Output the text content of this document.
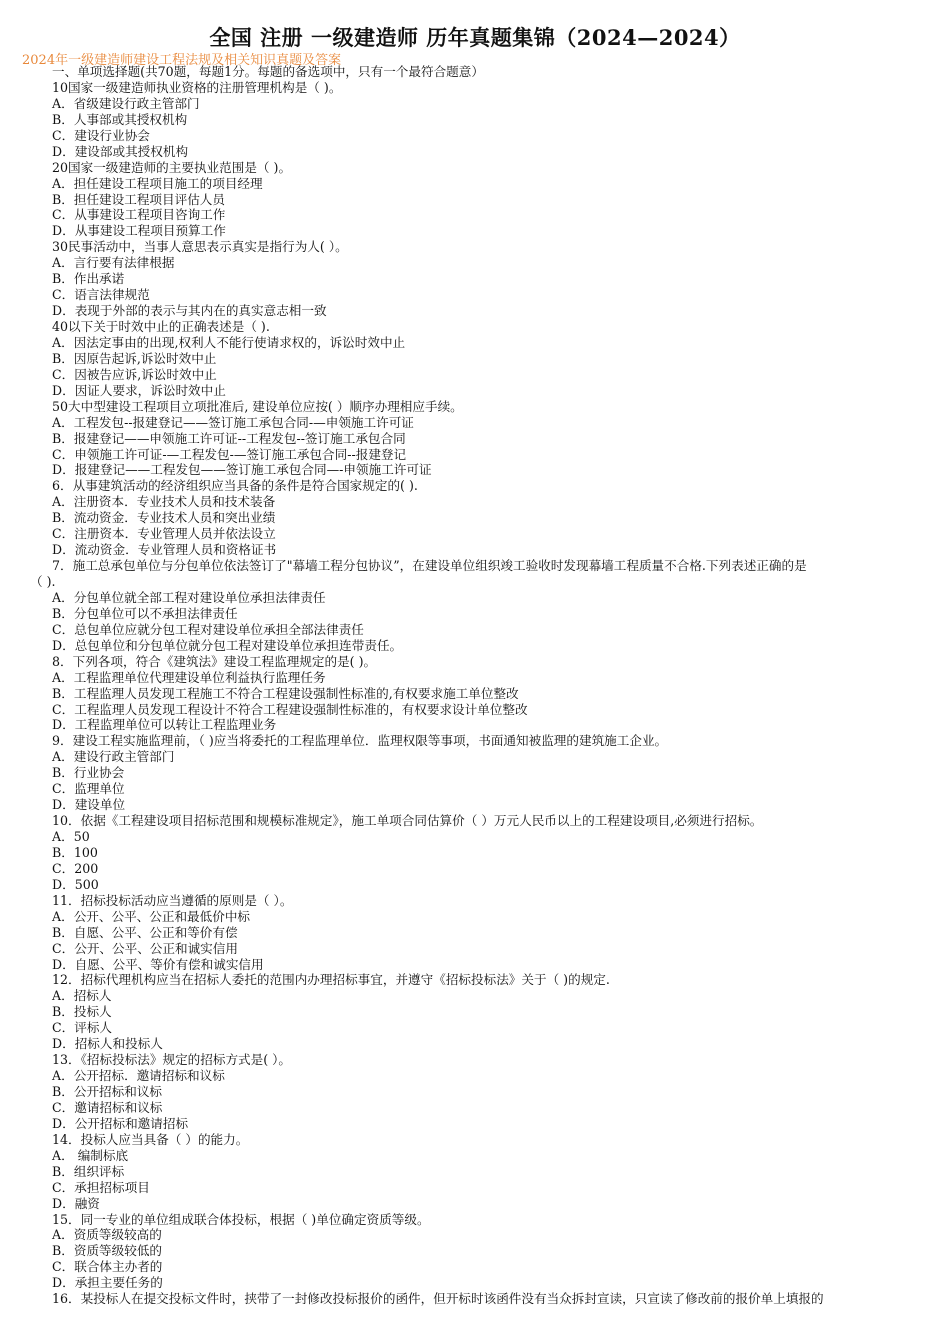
全国 注册 一级建造师 历年真题集锦（2024—2024）
2024年一级建造师建设工程法规及相关知识真题及答案
一、单项选择题(共70题，每题1分。每题的备选项中，只有一个最符合题意）
10国家一级建造师执业资格的注册管理机构是（ )。
A．省级建设行政主管部门
B．人事部或其授权机构
C．建设行业协会
D．建设部或其授权机构
20国家一级建造师的主要执业范围是（ )。
A．担任建设工程项目施工的项目经理
B．担任建设工程项目评估人员
C．从事建设工程项目咨询工作
D．从事建设工程项目预算工作
30民事活动中，当事人意思表示真实是指行为人( ）。
A．言行要有法律根据
B．作出承诺
C．语言法律规范
D．表现于外部的表示与其内在的真实意志相一致
40以下关于时效中止的正确表述是（ ).
A．因法定事由的出现,权利人不能行使请求权的，诉讼时效中止
B．因原告起诉,诉讼时效中止
C．因被告应诉,诉讼时效中止
D．因证人要求，诉讼时效中止
50大中型建设工程项目立项批准后, 建设单位应按( ）顺序办理相应手续。
A．工程发包--报建登记——签订施工承包合同-—申领施工许可证
B．报建登记——申领施工许可证--工程发包--签订施工承包合同
C．申领施工许可证-—工程发包-—签订施工承包合同--报建登记
D．报建登记——工程发包——签订施工承包合同—-申领施工许可证
6．从事建筑活动的经济组织应当具备的条件是符合国家规定的( ).
A．注册资本．专业技术人员和技术装备
B．流动资金．专业技术人员和突出业绩
C．注册资本．专业管理人员并依法设立
D．流动资金．专业管理人员和资格证书
7．施工总承包单位与分包单位依法签订了"幕墙工程分包协议”，在建设单位组织竣工验收时发现幕墙工程质量不合格.下列表述正确的是
（ ).
A．分包单位就全部工程对建设单位承担法律责任
B．分包单位可以不承担法律责任
C．总包单位应就分包工程对建设单位承担全部法律责任
D．总包单位和分包单位就分包工程对建设单位承担连带责任。
8．下列各项，符合《建筑法》建设工程监理规定的是( )。
A．工程监理单位代理建设单位利益执行监理任务
B．工程监理人员发现工程施工不符合工程建设强制性标准的,有权要求施工单位整改
C．工程监理人员发现工程设计不符合工程建设强制性标准的，有权要求设计单位整改
D．工程监理单位可以转让工程监理业务
9．建设工程实施监理前，（ )应当将委托的工程监理单位．监理权限等事项，书面通知被监理的建筑施工企业。
A．建设行政主管部门
B．行业协会
C．监理单位
D．建设单位
10．依据《工程建设项目招标范围和规模标准规定》，施工单项合同估算价（ ）万元人民币以上的工程建设项目,必须进行招标。
A．50
B．100
C．200
D．500
11．招标投标活动应当遵循的原则是（ ）。
A．公开、公平、公正和最低价中标
B．自愿、公平、公正和等价有偿
C．公开、公平、公正和诚实信用
D．自愿、公平、等价有偿和诚实信用
12．招标代理机构应当在招标人委托的范围内办理招标事宜，并遵守《招标投标法》关于（ )的规定.
A．招标人
B．投标人
C．评标人
D．招标人和投标人
13．《招标投标法》规定的招标方式是( ）。
A．公开招标．邀请招标和议标
B．公开招标和议标
C．邀请招标和议标
D．公开招标和邀请招标
14．投标人应当具备（ ）的能力。
A． 编制标底
B．组织评标
C．承担招标项目
D．融资
15．同一专业的单位组成联合体投标，根据（ )单位确定资质等级。
A．资质等级较高的
B．资质等级较低的
C．联合体主办者的
D．承担主要任务的
16．某投标人在提交投标文件时，挟带了一封修改投标报价的函件，但开标时该函件没有当众拆封宣读，只宣读了修改前的报价单上填报的
